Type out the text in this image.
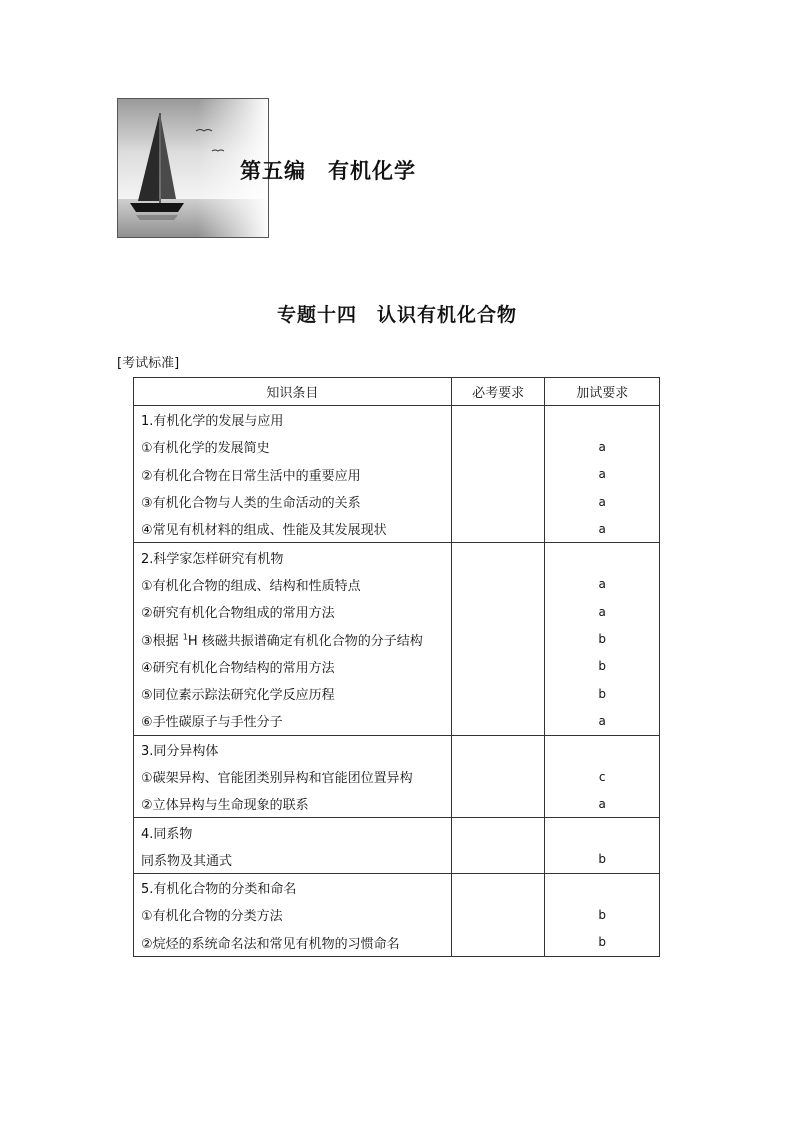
第五编　有机化学
专题十四　认识有机化合物
[考试标准]
知识条目	必考要求	加试要求
1.有机化学的发展与应用		
①有机化学的发展简史		a
②有机化合物在日常生活中的重要应用		a
③有机化合物与人类的生命活动的关系		a
④常见有机材料的组成、性能及其发展现状		a
2.科学家怎样研究有机物		
①有机化合物的组成、结构和性质特点		a
②研究有机化合物组成的常用方法		a
③根据 $^1$H 核磁共振谱确定有机化合物的分子结构		b
④研究有机化合物结构的常用方法		b
⑤同位素示踪法研究化学反应历程		b
⑥手性碳原子与手性分子		a
3.同分异构体		
①碳架异构、官能团类别异构和官能团位置异构		c
②立体异构与生命现象的联系		a
4.同系物		
同系物及其通式		b
5.有机化合物的分类和命名		
①有机化合物的分类方法		b
②烷烃的系统命名法和常见有机物的习惯命名		b
